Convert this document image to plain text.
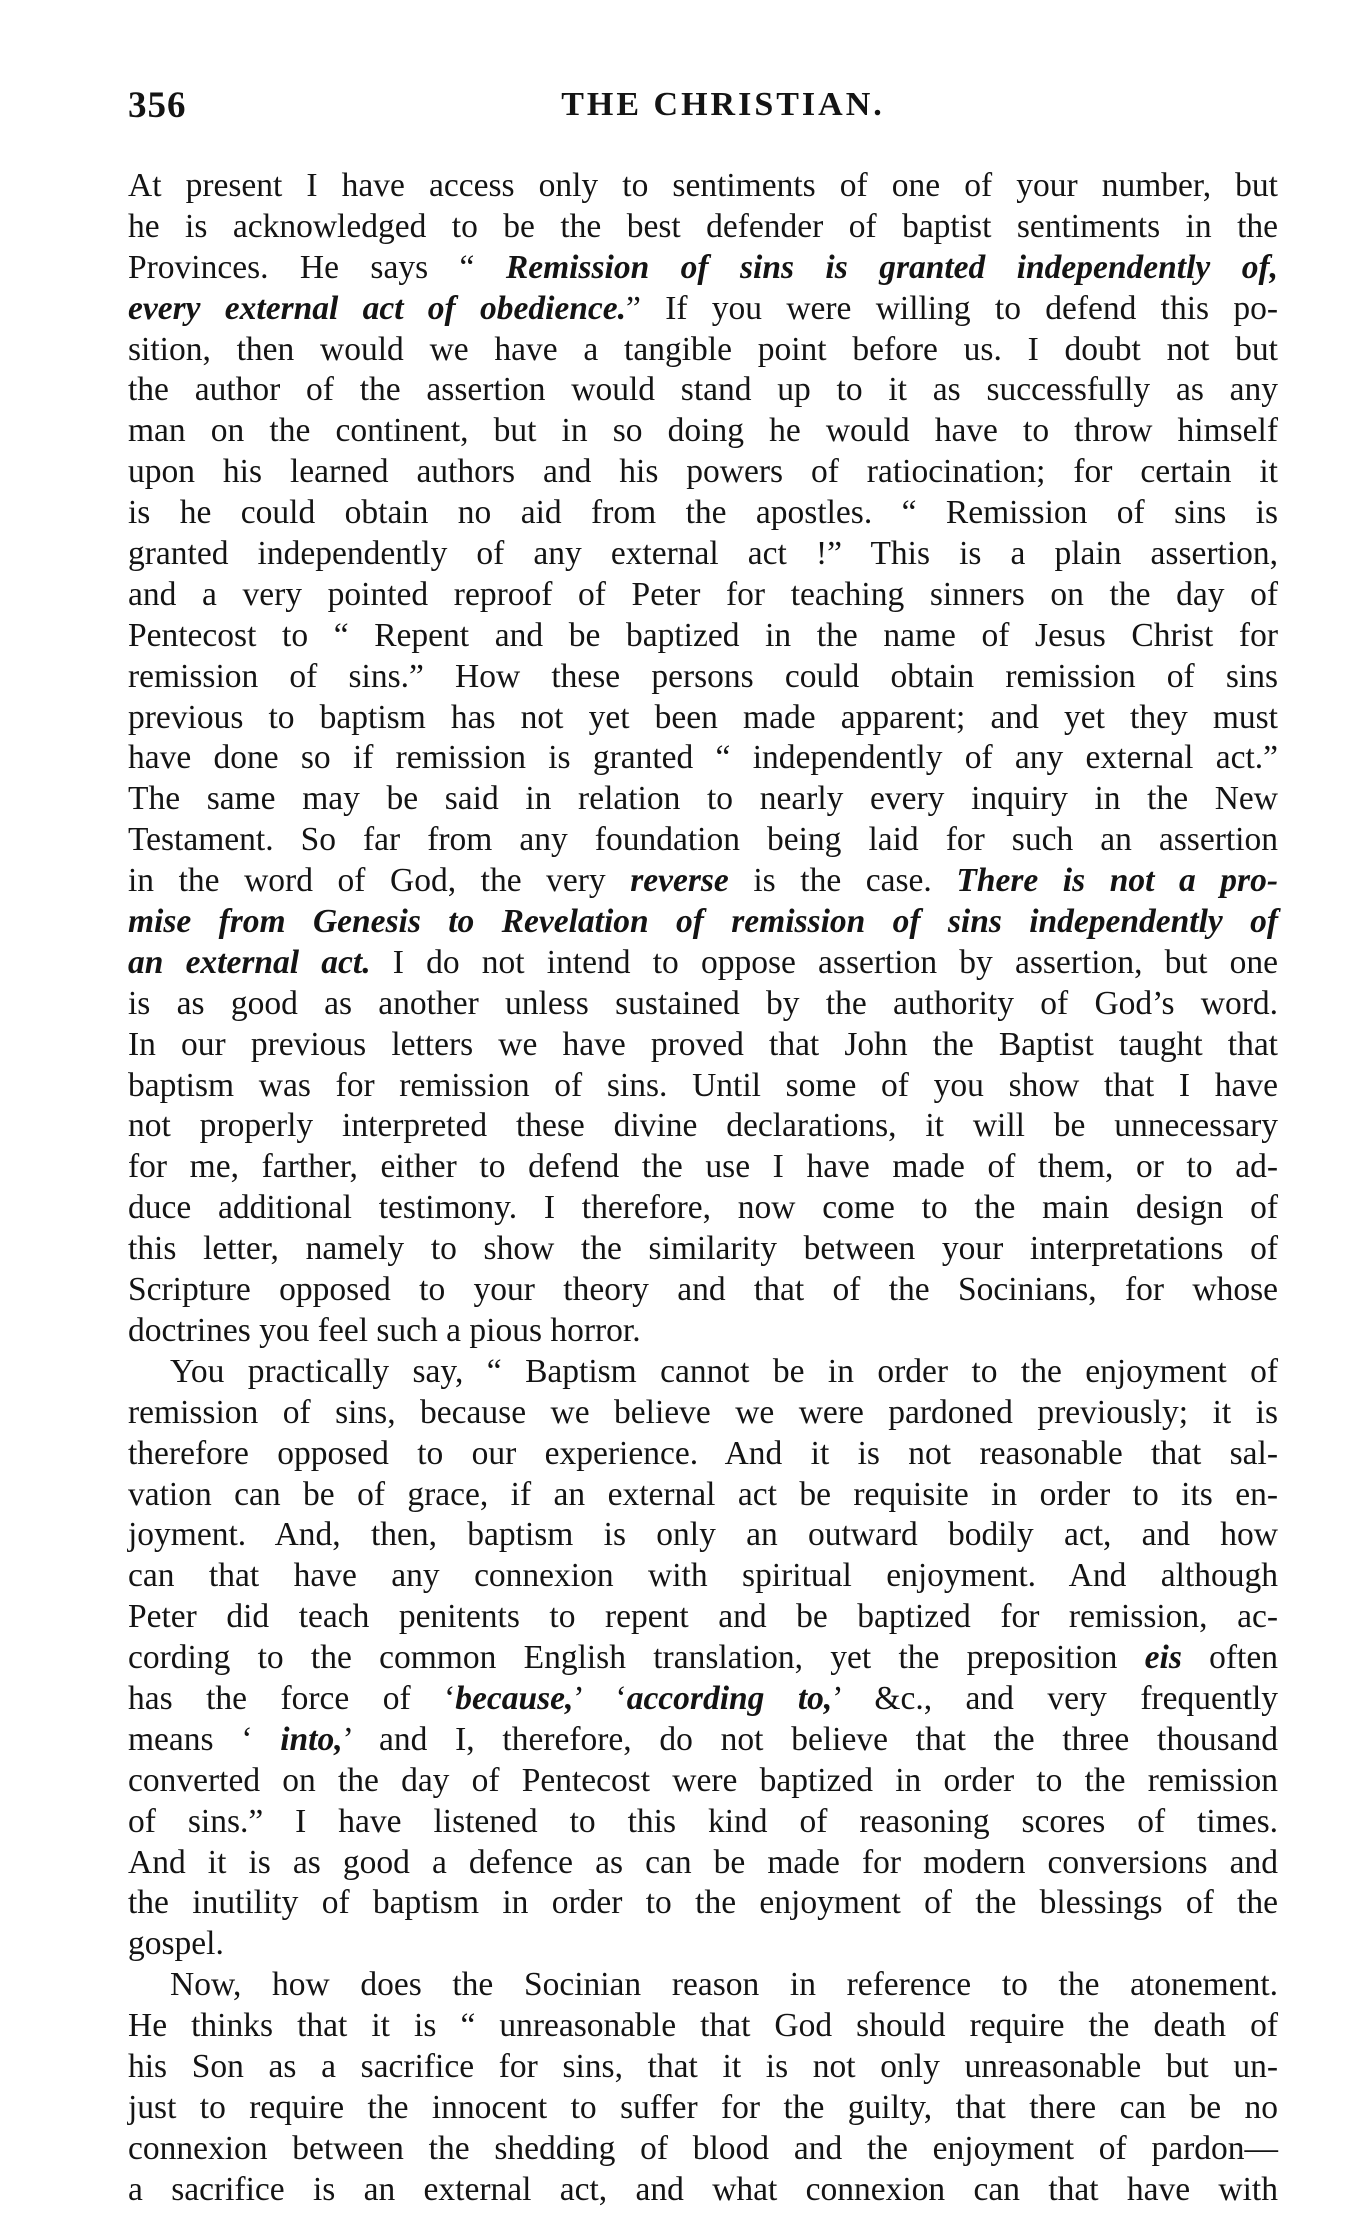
356	THE CHRISTIAN.
At present I have access only to sentiments of one of your number, but
he is acknowledged to be the best defender of baptist sentiments in the
Provinces. He says “ Remission of sins is granted independently of,
every external act of obedience.” If you were willing to defend this po-
sition, then would we have a tangible point before us. I doubt not but
the author of the assertion would stand up to it as successfully as any
man on the continent, but in so doing he would have to throw himself
upon his learned authors and his powers of ratiocination; for certain it
is he could obtain no aid from the apostles. “ Remission of sins is
granted independently of any external act !” This is a plain assertion,
and a very pointed reproof of Peter for teaching sinners on the day of
Pentecost to “ Repent and be baptized in the name of Jesus Christ for
remission of sins.” How these persons could obtain remission of sins
previous to baptism has not yet been made apparent; and yet they must
have done so if remission is granted “ independently of any external act.”
The same may be said in relation to nearly every inquiry in the New
Testament. So far from any foundation being laid for such an assertion
in the word of God, the very reverse is the case. There is not a pro-
mise from Genesis to Revelation of remission of sins independently of
an external act. I do not intend to oppose assertion by assertion, but one
is as good as another unless sustained by the authority of God’s word.
In our previous letters we have proved that John the Baptist taught that
baptism was for remission of sins. Until some of you show that I have
not properly interpreted these divine declarations, it will be unnecessary
for me, farther, either to defend the use I have made of them, or to ad-
duce additional testimony. I therefore, now come to the main design of
this letter, namely to show the similarity between your interpretations of
Scripture opposed to your theory and that of the Socinians, for whose
doctrines you feel such a pious horror.
You practically say, “ Baptism cannot be in order to the enjoyment of
remission of sins, because we believe we were pardoned previously; it is
therefore opposed to our experience. And it is not reasonable that sal-
vation can be of grace, if an external act be requisite in order to its en-
joyment. And, then, baptism is only an outward bodily act, and how
can that have any connexion with spiritual enjoyment. And although
Peter did teach penitents to repent and be baptized for remission, ac-
cording to the common English translation, yet the preposition eis often
has the force of ‘because,’ ‘according to,’ &c., and very frequently
means ‘ into,’ and I, therefore, do not believe that the three thousand
converted on the day of Pentecost were baptized in order to the remission
of sins.” I have listened to this kind of reasoning scores of times.
And it is as good a defence as can be made for modern conversions and
the inutility of baptism in order to the enjoyment of the blessings of the
gospel.
Now, how does the Socinian reason in reference to the atonement.
He thinks that it is “ unreasonable that God should require the death of
his Son as a sacrifice for sins, that it is not only unreasonable but un-
just to require the innocent to suffer for the guilty, that there can be no
connexion between the shedding of blood and the enjoyment of pardon—
a sacrifice is an external act, and what connexion can that have with
